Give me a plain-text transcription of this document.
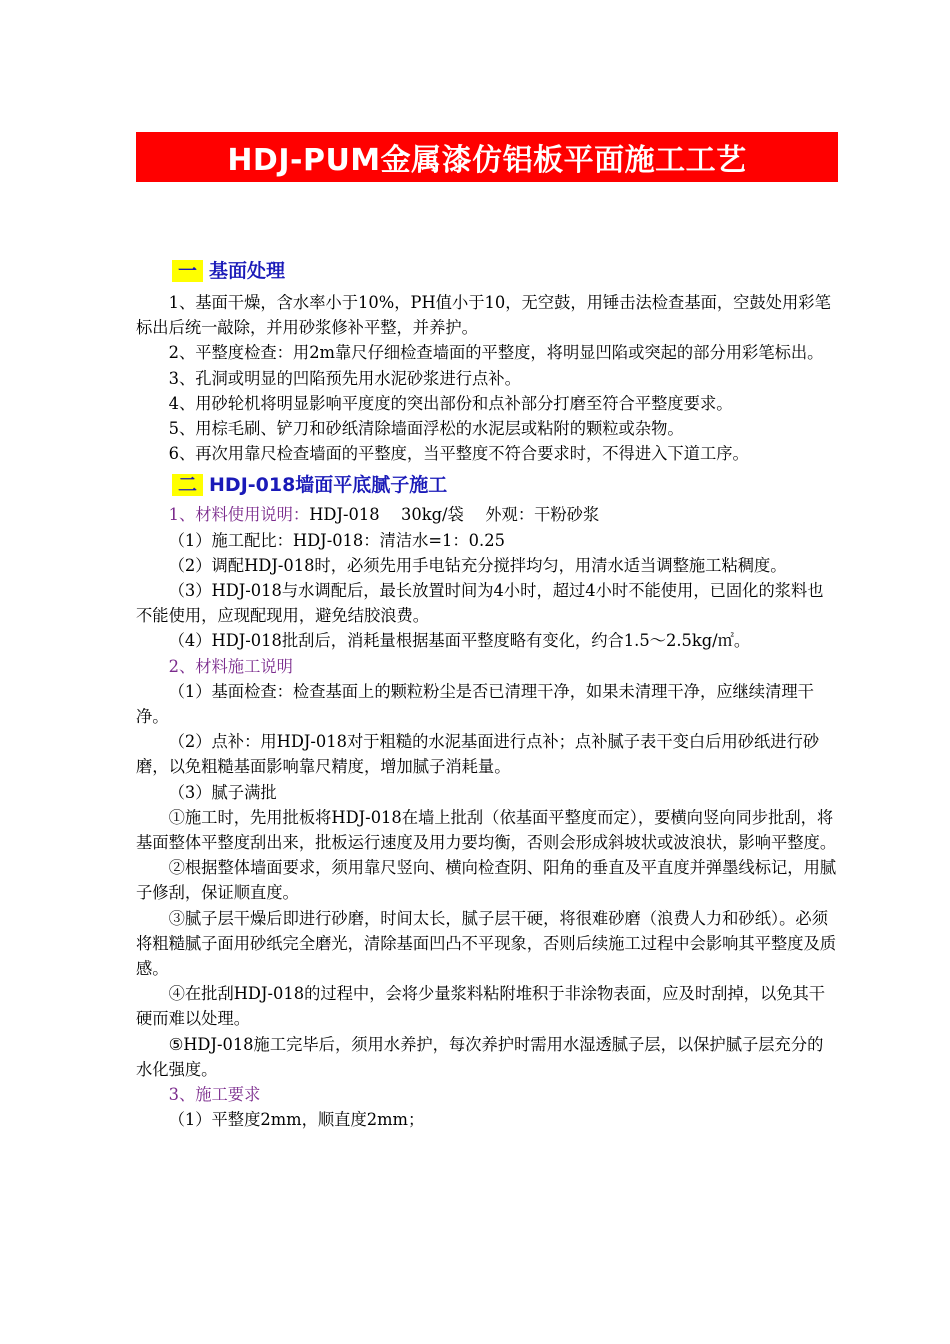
HDJ-PUM金属漆仿铝板平面施工工艺
一 基面处理

1、基面干燥，含水率小于10%，PH值小于10，无空鼓，用锤击法检查基面，空鼓处用彩笔标出后统一敲除，并用砂浆修补平整，并养护。

2、平整度检查：用2m靠尺仔细检查墙面的平整度，将明显凹陷或突起的部分用彩笔标出。

3、孔洞或明显的凹陷预先用水泥砂浆进行点补。

4、用砂轮机将明显影响平度度的突出部份和点补部分打磨至符合平整度要求。

5、用棕毛刷、铲刀和砂纸清除墙面浮松的水泥层或粘附的颗粒或杂物。

6、再次用靠尺检查墙面的平整度，当平整度不符合要求时，不得进入下道工序。

二 HDJ-018墙面平底腻子施工

1、材料使用说明：HDJ-018　 30kg/袋　 外观：干粉砂浆

（1）施工配比：HDJ-018：清洁水=1：0.25

（2）调配HDJ-018时，必须先用手电钻充分搅拌均匀，用清水适当调整施工粘稠度。

（3）HDJ-018与水调配后，最长放置时间为4小时，超过4小时不能使用，已固化的浆料也不能使用，应现配现用，避免结胶浪费。

（4）HDJ-018批刮后，消耗量根据基面平整度略有变化，约合1.5～2.5kg/㎡。

2、材料施工说明

（1）基面检查：检查基面上的颗粒粉尘是否已清理干净，如果未清理干净，应继续清理干净。

（2）点补：用HDJ-018对于粗糙的水泥基面进行点补；点补腻子表干变白后用砂纸进行砂磨，以免粗糙基面影响靠尺精度，增加腻子消耗量。

（3）腻子满批

①施工时，先用批板将HDJ-018在墙上批刮（依基面平整度而定），要横向竖向同步批刮，将基面整体平整度刮出来，批板运行速度及用力要均衡，否则会形成斜坡状或波浪状，影响平整度。

②根据整体墙面要求，须用靠尺竖向、横向检查阴、阳角的垂直及平直度并弹墨线标记，用腻子修刮，保证顺直度。

③腻子层干燥后即进行砂磨，时间太长，腻子层干硬，将很难砂磨（浪费人力和砂纸）。必须将粗糙腻子面用砂纸完全磨光，清除基面凹凸不平现象，否则后续施工过程中会影响其平整度及质感。

④在批刮HDJ-018的过程中，会将少量浆料粘附堆积于非涂物表面，应及时刮掉，以免其干硬而难以处理。

⑤HDJ-018施工完毕后，须用水养护，每次养护时需用水湿透腻子层，以保护腻子层充分的水化强度。

3、施工要求

（1）平整度2mm，顺直度2mm；
